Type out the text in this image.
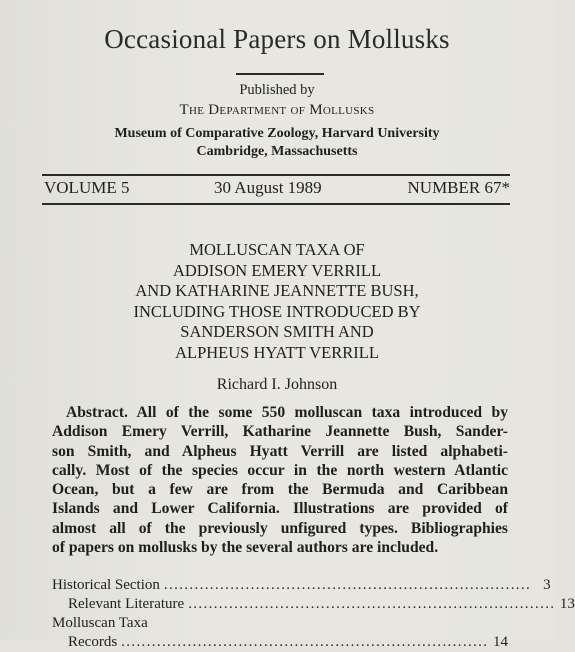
Occasional Papers on Mollusks
Published by
The Department of Mollusks
Museum of Comparative Zoology, Harvard University
Cambridge, Massachusetts
VOLUME 5	30 August 1989	NUMBER 67*
MOLLUSCAN TAXA OF
ADDISON EMERY VERRILL
AND KATHARINE JEANNETTE BUSH,
INCLUDING THOSE INTRODUCED BY
SANDERSON SMITH AND
ALPHEUS HYATT VERRILL
Richard I. Johnson
Abstract. All of the some 550 molluscan taxa introduced by
Addison Emery Verrill, Katharine Jeannette Bush, Sander-
son Smith, and Alpheus Hyatt Verrill are listed alphabeti-
cally. Most of the species occur in the north western Atlantic
Ocean, but a few are from the Bermuda and Caribbean
Islands and Lower California. Illustrations are provided of
almost all of the previously unfigured types. Bibliographies
of papers on mollusks by the several authors are included.
Historical Section . . .	3
Relevant Literature . . .	13
Molluscan Taxa
Records . . .	14
